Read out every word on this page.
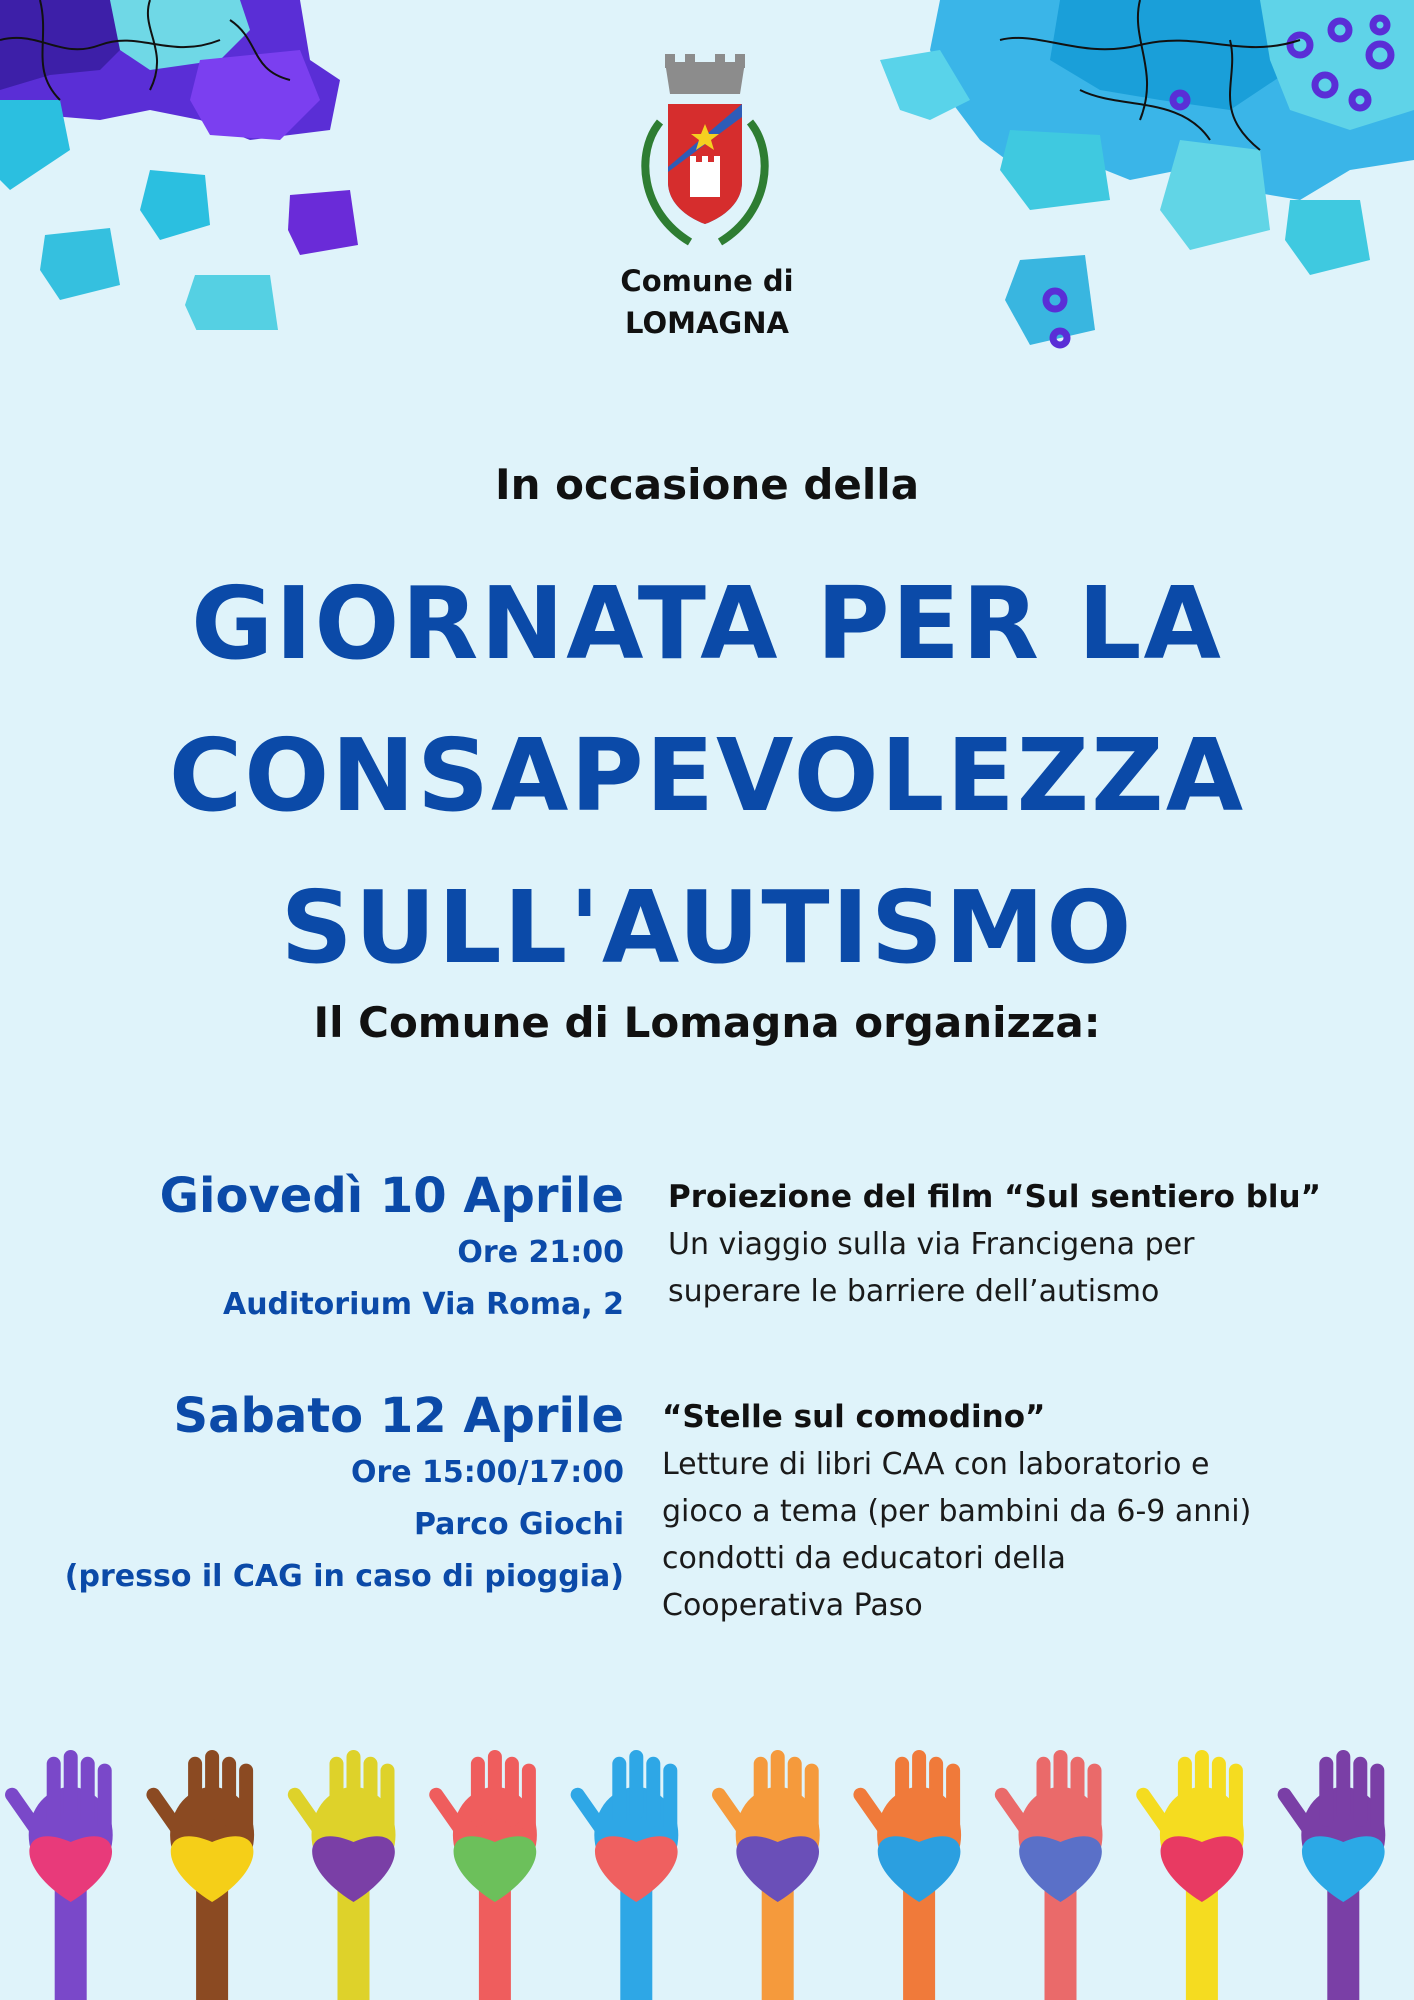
Comune di
LOMAGNA
In occasione della
GIORNATA PER LA
CONSAPEVOLEZZA
SULL'AUTISMO
Il Comune di Lomagna organizza:
Giovedì 10 Aprile
Ore 21:00
Auditorium Via Roma, 2
Proiezione del film “Sul sentiero blu”
Un viaggio sulla via Francigena per
superare le barriere dell’autismo
Sabato 12 Aprile
Ore 15:00/17:00
Parco Giochi
(presso il CAG in caso di pioggia)
“Stelle sul comodino”
Letture di libri CAA con laboratorio e
gioco a tema (per bambini da 6-9 anni)
condotti da educatori della
Cooperativa Paso
